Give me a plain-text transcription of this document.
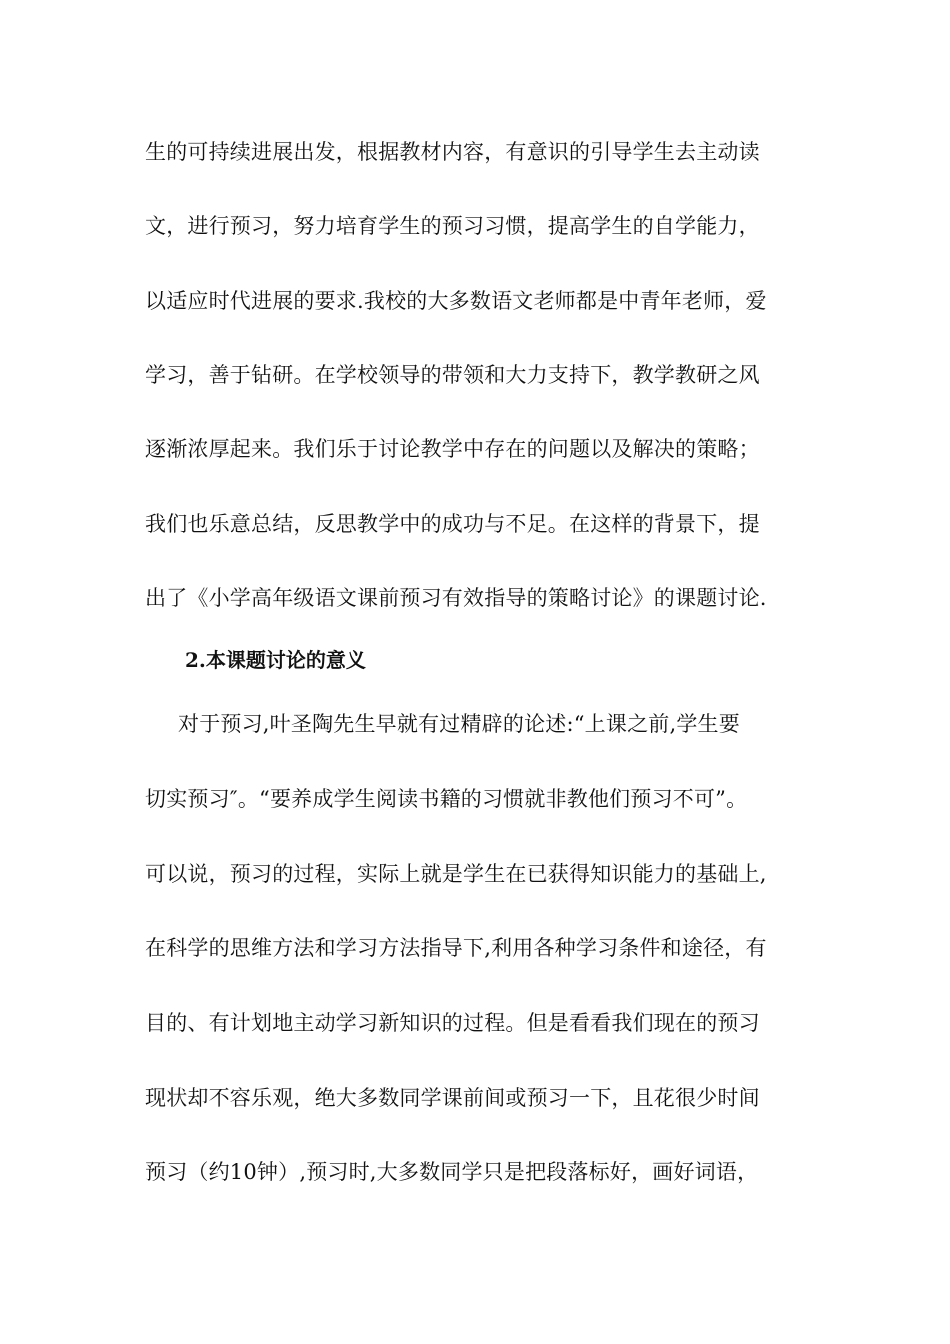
生的可持续进展出发，根据教材内容，有意识的引导学生去主动读
文，进行预习，努力培育学生的预习习惯，提高学生的自学能力，
以适应时代进展的要求.我校的大多数语文老师都是中青年老师，爱
学习，善于钻研。在学校领导的带领和大力支持下，教学教研之风
逐渐浓厚起来。我们乐于讨论教学中存在的问题以及解决的策略；
我们也乐意总结，反思教学中的成功与不足。在这样的背景下，提
出了《小学高年级语文课前预习有效指导的策略讨论》的课题讨论.
2.本课题讨论的意义
对于预习,叶圣陶先生早就有过精辟的论述:“上课之前,学生要
切实预习″。“要养成学生阅读书籍的习惯就非教他们预习不可”。
可以说，预习的过程，实际上就是学生在已获得知识能力的基础上,
在科学的思维方法和学习方法指导下,利用各种学习条件和途径，有
目的、有计划地主动学习新知识的过程。但是看看我们现在的预习
现状却不容乐观，绝大多数同学课前间或预习一下，且花很少时间
预习（约10钟）,预习时,大多数同学只是把段落标好，画好词语，
